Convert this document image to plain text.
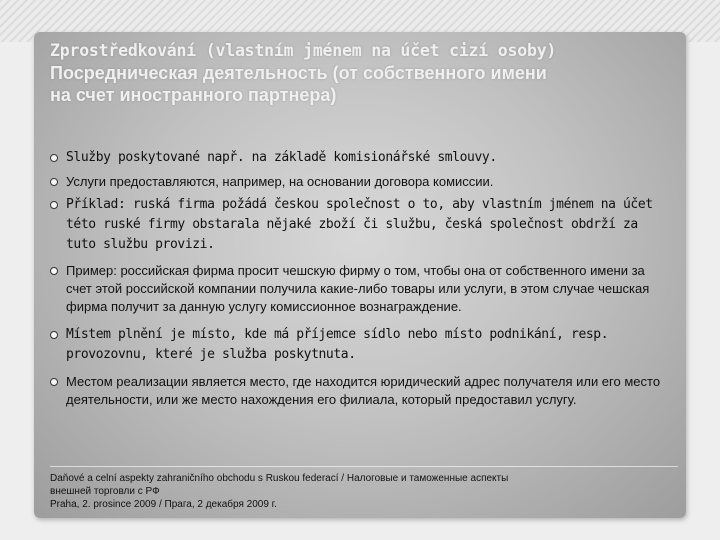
Zprostředkování (vlastním jménem na účet cizí osoby)
Посредническая деятельность (от собственного имени
на счет иностранного партнера)
Služby poskytované např. na základě komisionářské smlouvy.
Услуги предоставляются, например, на основании договора комиссии.
Příklad: ruská firma požádá českou společnost o to, aby vlastním jménem na účet této ruské firmy obstarala nějaké zboží či službu, česká společnost obdrží za tuto službu provizi.
Пример: российская фирма просит чешскую фирму о том, чтобы она от собственного имени за счет этой российской компании получила какие-либо товары или услуги, в этом случае чешская фирма получит за данную услугу комиссионное вознаграждение.
Místem plnění je místo, kde má příjemce sídlo nebo místo podnikání, resp. provozovnu, které je služba poskytnuta.
Местом реализации является место, где находится юридический адрес получателя или его место деятельности, или же место нахождения его филиала, который предоставил услугу.

Daňové a celní aspekty zahraničního obchodu s Ruskou federací / Налоговые и таможенные аспекты
внешней торговли с РФ
Praha, 2. prosince 2009 / Прага, 2 декабря 2009 г.
